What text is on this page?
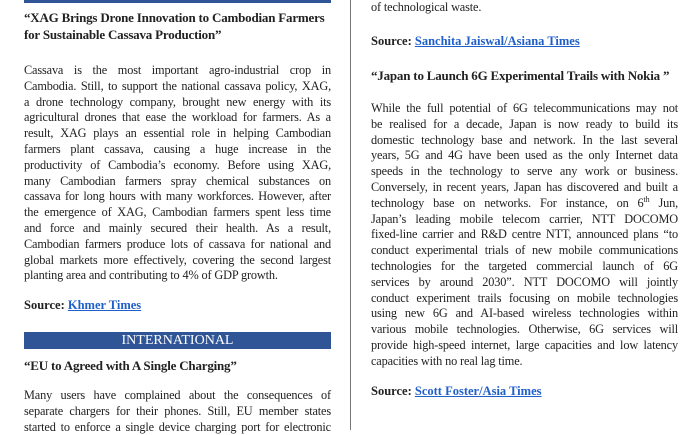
“XAG Brings Drone Innovation to Cambodian Farmers
for Sustainable Cassava Production”
Cassava is the most important agro-industrial crop in
Cambodia. Still, to support the national cassava policy, XAG,
a drone technology company, brought new energy with its
agricultural drones that ease the workload for farmers. As a
result, XAG plays an essential role in helping Cambodian
farmers plant cassava, causing a huge increase in the
productivity of Cambodia’s economy. Before using XAG,
many Cambodian farmers spray chemical substances on
cassava for long hours with many workforces. However, after
the emergence of XAG, Cambodian farmers spent less time
and force and mainly secured their health. As a result,
Cambodian farmers produce lots of cassava for national and
global markets more effectively, covering the second largest
planting area and contributing to 4% of GDP growth.
Source: Khmer Times
INTERNATIONAL
“EU to Agreed with A Single Charging”
Many users have complained about the consequences of
separate chargers for their phones. Still, EU member states
started to enforce a single device charging port for electronic
of technological waste.
Source: Sanchita Jaiswal/Asiana Times
“Japan to Launch 6G Experimental Trails with Nokia ”
While the full potential of 6G telecommunications may not
be realised for a decade, Japan is now ready to build its
domestic technology base and network. In the last several
years, 5G and 4G have been used as the only Internet data
speeds in the technology to serve any work or business.
Conversely, in recent years, Japan has discovered and built a
technology base on networks. For instance, on 6th Jun,
Japan’s leading mobile telecom carrier, NTT DOCOMO
fixed-line carrier and R&D centre NTT, announced plans “to
conduct experimental trials of new mobile communications
technologies for the targeted commercial launch of 6G
services by around 2030”. NTT DOCOMO will jointly
conduct experiment trails focusing on mobile technologies
using new 6G and AI-based wireless technologies within
various mobile technologies. Otherwise, 6G services will
provide high-speed internet, large capacities and low latency
capacities with no real lag time.
Source: Scott Foster/Asia Times
